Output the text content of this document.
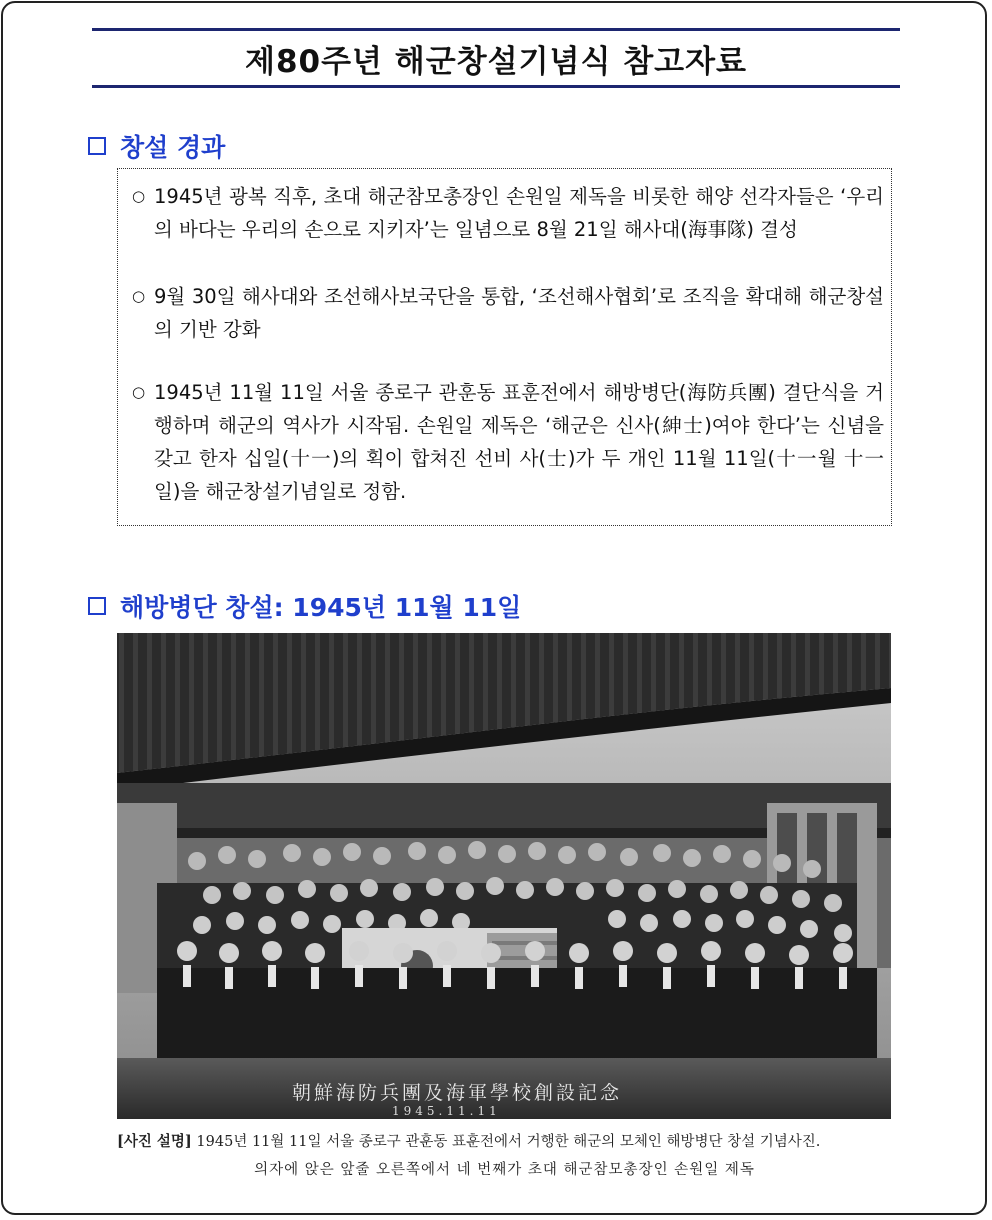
제80주년 해군창설기념식 참고자료
창설 경과
○ 1945년 광복 직후, 초대 해군참모총장인 손원일 제독을 비롯한 해양 선각자들은 ‘우리의 바다는 우리의 손으로 지키자’는 일념으로 8월 21일 해사대(海事隊) 결성
○ 9월 30일 해사대와 조선해사보국단을 통합, ‘조선해사협회’로 조직을 확대해 해군창설의 기반 강화
○ 1945년 11월 11일 서울 종로구 관훈동 표훈전에서 해방병단(海防兵團) 결단식을 거행하며 해군의 역사가 시작됨. 손원일 제독은 ‘해군은 신사(紳士)여야 한다’는 신념을 갖고 한자 십일(十一)의 획이 합쳐진 선비 사(士)가 두 개인 11월 11일(十一월 十一일)을 해군창설기념일로 정함.
해방병단 창설: 1945년 11월 11일
朝鮮海防兵團及海軍學校創設記念
1945.11.11
[사진 설명] 1945년 11월 11일 서울 종로구 관훈동 표훈전에서 거행한 해군의 모체인 해방병단 창설 기념사진.
의자에 앉은 앞줄 오른쪽에서 네 번째가 초대 해군참모총장인 손원일 제독
